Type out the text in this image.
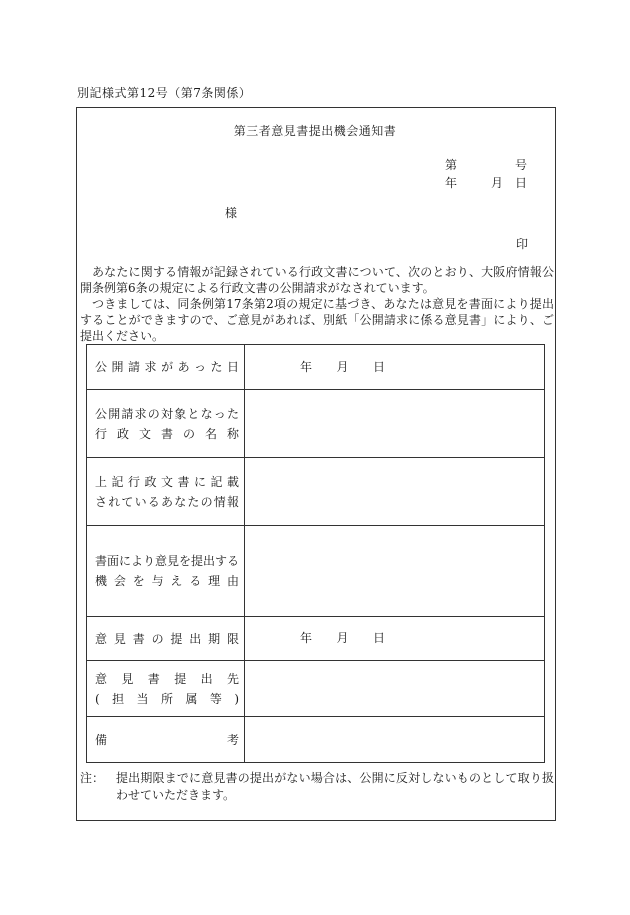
別記様式第12号（第7条関係）
第三者意見書提出機会通知書
第	号
年	月 日
様
印

あなたに関する情報が記録されている行政文書について、次のとおり、大阪府情報公開条例第6条の規定による行政文書の公開請求がなされています。

つきましては、同条例第17条第2項の規定に基づき、あなたは意見を書面により提出することができますので、ご意見があれば、別紙「公開請求に係る意見書」により、ご提出ください。

公開請求があった日	年 月 日

公開請求の対象となった
行政文書の名称	

上記行政文書に記載
されているあなたの情報	

書面により意見を提出する
機会を与える理由	

意見書の提出期限	年 月 日

意見書提出先
(担当所属等)	

備考	

注： 提出期限までに意見書の提出がない場合は、公開に反対しないものとして取り扱わせていただきます。
